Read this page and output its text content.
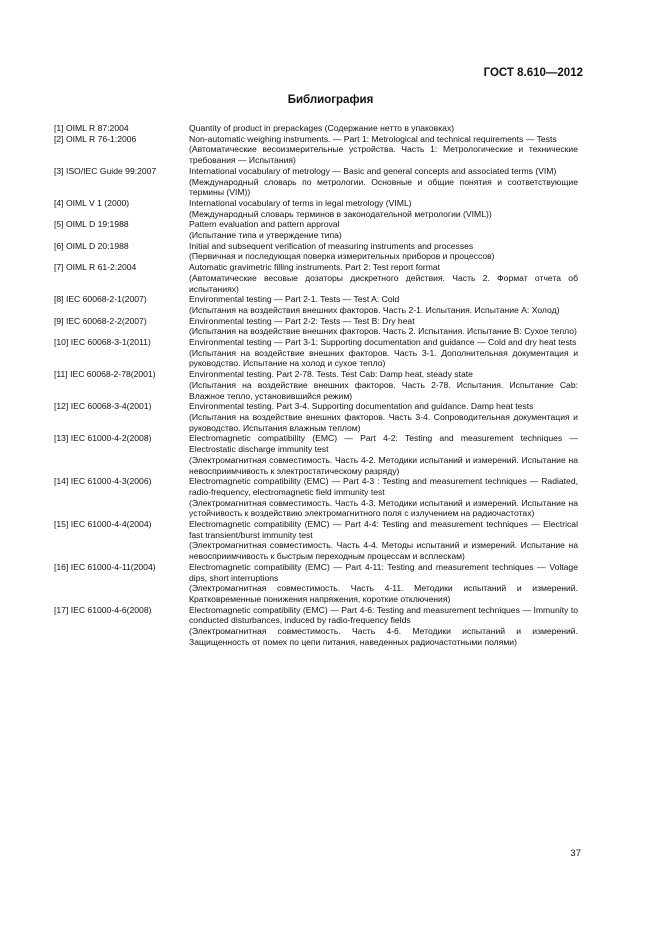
ГОСТ 8.610—2012
Библиография
[1] OIML R 87:2004	Quantity of product in prepackages (Содержание нетто в упаковках)

[2] OIML R 76-1:2006	Non-automatic weighing instruments. — Part 1: Metrological and technical requirements — Tests

(Автоматические весоизмерительные устройства. Часть 1: Метрологические и технические требования — Испытания)

[3] ISO/IEC Guide 99:2007	International vocabulary of metrology — Basic and general concepts and associated terms (VIM)

(Международный словарь по метрологии. Основные и общие понятия и соответствующие термины (VIM))

[4] OIML V 1 (2000)	International vocabulary of terms in legal metrology (VIML)

(Международный словарь терминов в законодательной метрологии (VIML))

[5] OIML D 19:1988	Pattern evaluation and pattern approval

(Испытание типа и утверждение типа)

[6] OIML D 20:1988	Initial and subsequent verification of measuring instruments and processes

(Первичная и последующая поверка измерительных приборов и процессов)

[7] OIML R 61-2:2004	Automatic gravimetric filling instruments. Part 2: Test report format

(Автоматические весовые дозаторы дискретного действия. Часть 2. Формат отчета об испытаниях)

[8] IEC 60068-2-1(2007)	Environmental testing — Part 2-1. Tests — Test A: Cold

(Испытания на воздействия внешних факторов. Часть 2-1. Испытания. Испытание A: Холод)

[9] IEC 60068-2-2(2007)	Environmental testing — Part 2-2: Tests — Test B: Dry heat

(Испытания на воздействие внешних факторов. Часть 2. Испытания. Испытание B: Сухое тепло)

[10] IEC 60068-3-1(2011)	Environmental testing — Part 3-1: Supporting documentation and guidance — Cold and dry heat tests

(Испытания на воздействие внешних факторов. Часть 3-1. Дополнительная документация и руководство. Испытание на холод и сухое тепло)

[11] IEC 60068-2-78(2001)	Environmental testing. Part 2-78. Tests. Test Cab: Damp heat, steady state

(Испытания на воздействие внешних факторов. Часть 2-78. Испытания. Испытание Cab: Влажное тепло, установившийся режим)

[12] IEC 60068-3-4(2001)	Environmental testing. Part 3-4. Supporting documentation and guidance. Damp heat tests

(Испытания на воздействие внешних факторов. Часть 3-4. Сопроводительная документация и руководство. Испытания влажным теплом)

[13] IEC 61000-4-2(2008)	Electromagnetic compatibility (EMC) — Part 4-2: Testing and measurement techniques — Electrostatic discharge immunity test

(Электромагнитная совместимость. Часть 4-2. Методики испытаний и измерений. Испытание на невосприимчивость к электростатическому разряду)

[14] IEC 61000-4-3(2006)	Electromagnetic compatibility (EMC) — Part 4-3 : Testing and measurement techniques — Radiated, radio-frequency, electromagnetic field immunity test

(Электромагнитная совместимость. Часть 4-3. Методики испытаний и измерений. Испытание на устойчивость к воздействию электромагнитного поля с излучением на радиочастотах)

[15] IEC 61000-4-4(2004)	Electromagnetic compatibility (EMC) — Part 4-4: Testing and measurement techniques — Electrical fast transient/burst immunity test

(Электромагнитная совместимость. Часть 4-4. Методы испытаний и измерений. Испытание на невосприимчивость к быстрым переходным процессам и всплескам)

[16] IEC 61000-4-11(2004)	Electromagnetic compatibility (EMC) — Part 4-11: Testing and measurement techniques — Voltage dips, short interruptions

(Электромагнитная совместимость. Часть 4-11. Методики испытаний и измерений. Кратковременные понижения напряжения, короткие отключения)

[17] IEC 61000-4-6(2008)	Electromagnetic compatibility (EMC) — Part 4-6: Testing and measurement techniques — Immunity to conducted disturbances, induced by radio-frequency fields

(Электромагнитная совместимость. Часть 4-6. Методики испытаний и измерений. Защищенность от помех по цепи питания, наведенных радиочастотными полями)

37
